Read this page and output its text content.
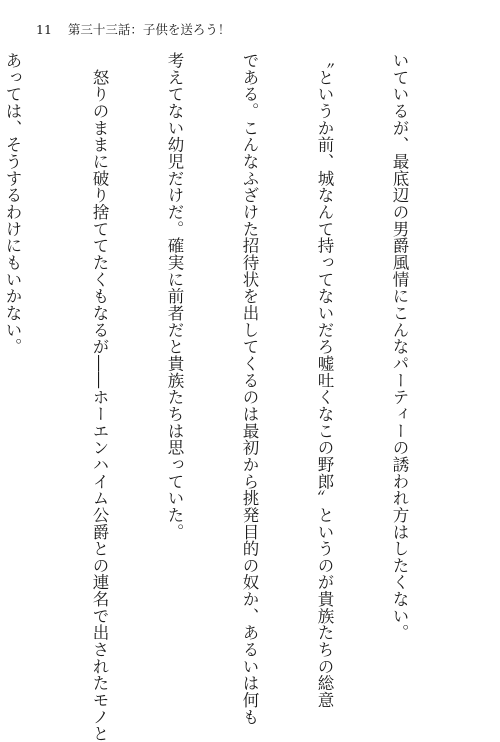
11 第三十三話：子供を送ろう！

いているが、最底辺の男爵風情にこんなパーティーの誘われ方はしたくない。

〝というか前、城なんて持ってないだろ嘘吐くなこの野郎〟というのが貴族たちの総意

である。こんなふざけた招待状を出してくるのは最初から挑発目的の奴か、あるいは何も

考えてない幼児だけだ。確実に前者だと貴族たちは思っていた。

　怒りのままに破り捨ててたくもなるが――ホーエンハイム公爵との連名で出されたモノと

あっては、そうするわけにもいかない。
